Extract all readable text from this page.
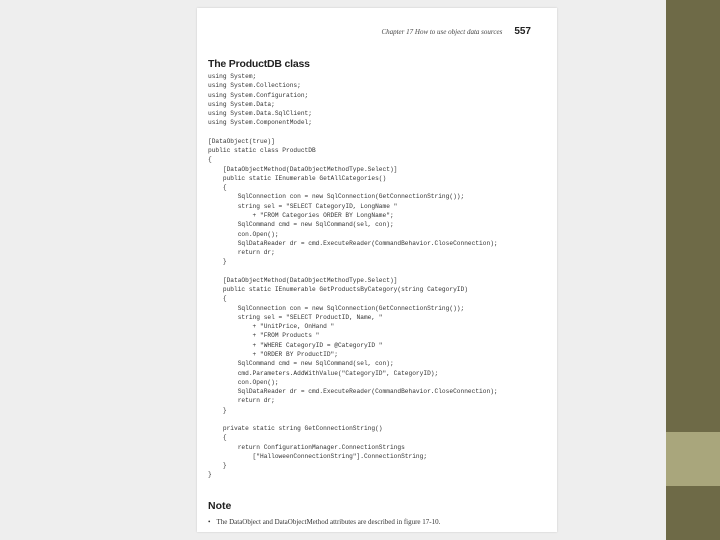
Chapter 17 How to use object data sources 557
The ProductDB class
using System;
using System.Collections;
using System.Configuration;
using System.Data;
using System.Data.SqlClient;
using System.ComponentModel;

[DataObject(true)]
public static class ProductDB
{
[DataObjectMethod(DataObjectMethodType.Select)]
public static IEnumerable GetAllCategories()
{
SqlConnection con = new SqlConnection(GetConnectionString());
string sel = "SELECT CategoryID, LongName "
+ "FROM Categories ORDER BY LongName";
SqlCommand cmd = new SqlCommand(sel, con);
con.Open();
SqlDataReader dr = cmd.ExecuteReader(CommandBehavior.CloseConnection);
return dr;
}

[DataObjectMethod(DataObjectMethodType.Select)]
public static IEnumerable GetProductsByCategory(string CategoryID)
{
SqlConnection con = new SqlConnection(GetConnectionString());
string sel = "SELECT ProductID, Name, "
+ "UnitPrice, OnHand "
+ "FROM Products "
+ "WHERE CategoryID = @CategoryID "
+ "ORDER BY ProductID";
SqlCommand cmd = new SqlCommand(sel, con);
cmd.Parameters.AddWithValue("CategoryID", CategoryID);
con.Open();
SqlDataReader dr = cmd.ExecuteReader(CommandBehavior.CloseConnection);
return dr;
}

private static string GetConnectionString()
{
return ConfigurationManager.ConnectionStrings
["HalloweenConnectionString"].ConnectionString;
}
}
Note
• The DataObject and DataObjectMethod attributes are described in figure 17-10.
